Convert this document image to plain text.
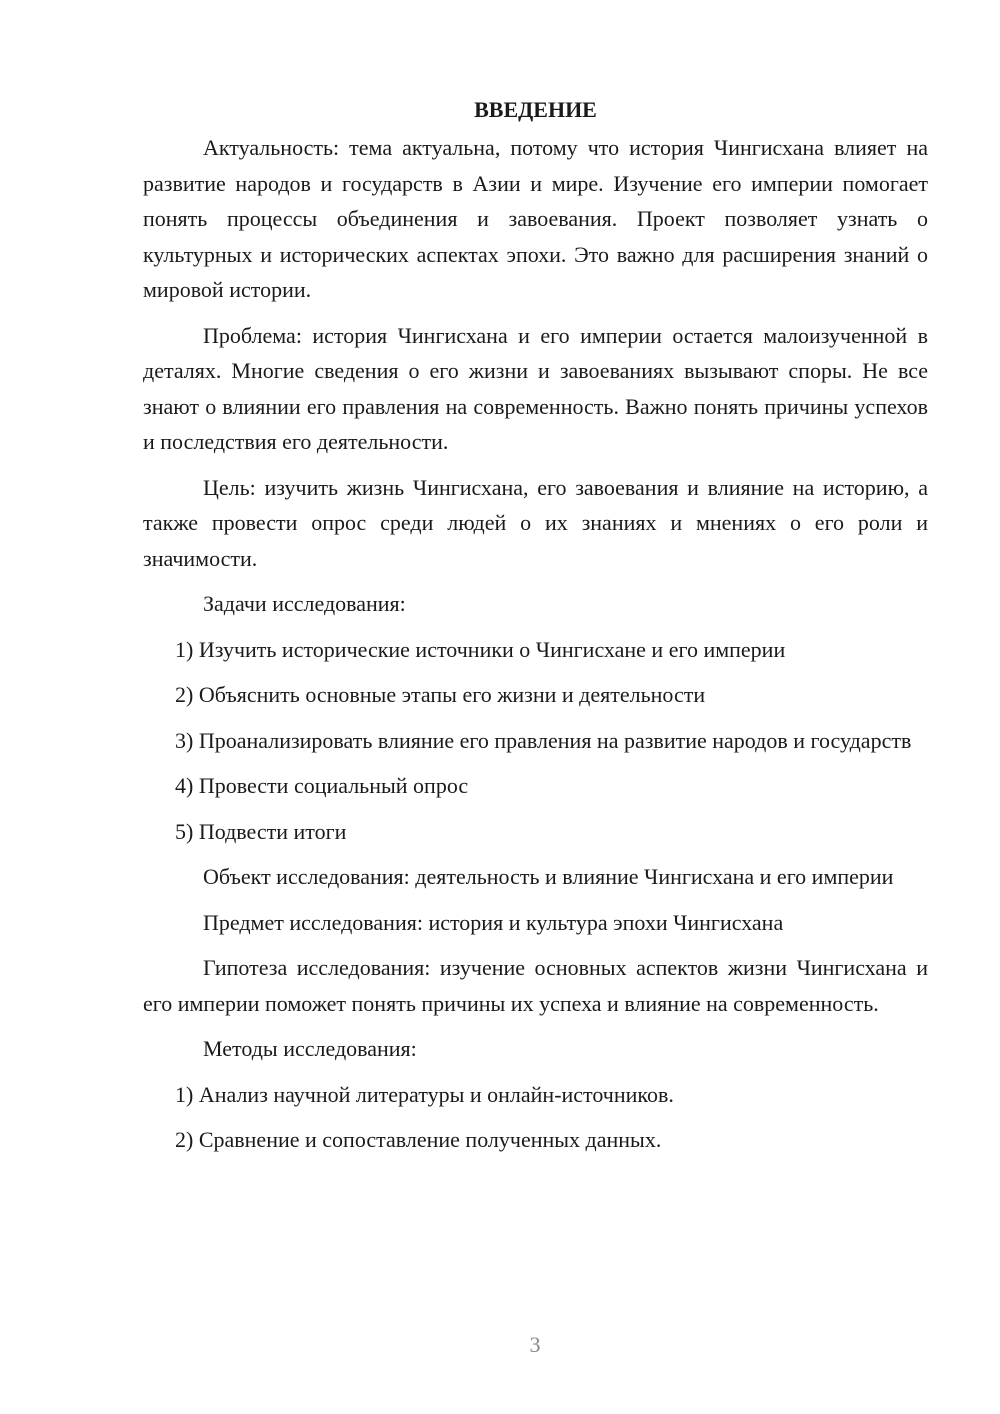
ВВЕДЕНИЕ

Актуальность: тема актуальна, потому что история Чингисхана влияет на развитие народов и государств в Азии и мире. Изучение его империи помогает понять процессы объединения и завоевания. Проект позволяет узнать о культурных и исторических аспектах эпохи. Это важно для расширения знаний о мировой истории.

Проблема: история Чингисхана и его империи остается малоизученной в деталях. Многие сведения о его жизни и завоеваниях вызывают споры. Не все знают о влиянии его правления на современность. Важно понять причины успехов и последствия его деятельности.

Цель: изучить жизнь Чингисхана, его завоевания и влияние на историю, а также провести опрос среди людей о их знаниях и мнениях о его роли и значимости.

Задачи исследования:

1) Изучить исторические источники о Чингисхане и его империи

2) Объяснить основные этапы его жизни и деятельности

3) Проанализировать влияние его правления на развитие народов и государств

4) Провести социальный опрос

5) Подвести итоги

Объект исследования: деятельность и влияние Чингисхана и его империи

Предмет исследования: история и культура эпохи Чингисхана

Гипотеза исследования: изучение основных аспектов жизни Чингисхана и его империи поможет понять причины их успеха и влияние на современность.

Методы исследования:

1) Анализ научной литературы и онлайн-источников.

2) Сравнение и сопоставление полученных данных.

3
